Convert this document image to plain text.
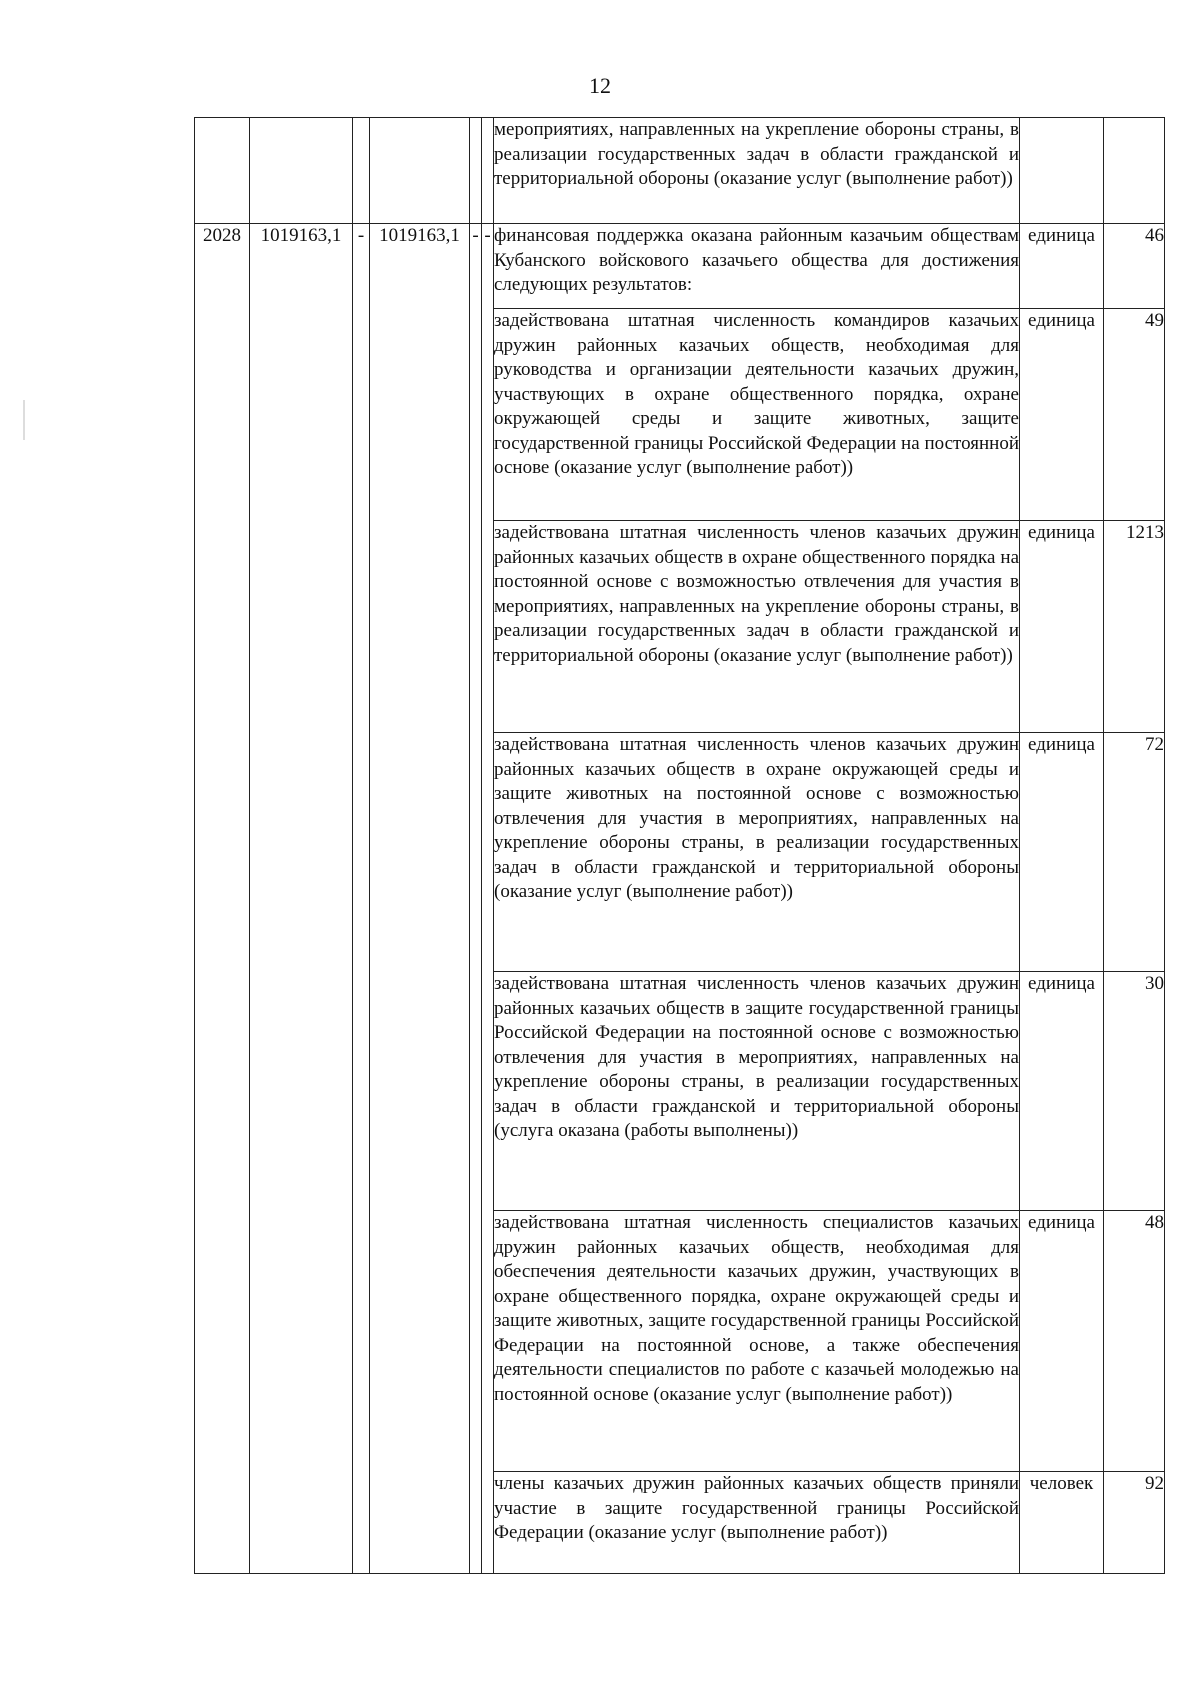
12
						мероприятиях, направленных на укрепление обороны страны, в реализации государственных задач в области гражданской и территориальной обороны (оказание услуг (выполнение работ))		
2028	1019163,1	-	1019163,1	-	-	финансовая поддержка оказана районным казачьим обществам Кубанского войскового казачьего общества для достижения следующих результатов:	единица	46
						задействована штатная численность командиров казачьих дружин районных казачьих обществ, необходимая для руководства и организации деятельности казачьих дружин, участвующих в охране общественного порядка, охране окружающей среды и защите животных, защите государственной границы Российской Федерации на постоянной основе (оказание услуг (выполнение работ))	единица	49
						задействована штатная численность членов казачьих дружин районных казачьих обществ в охране общественного порядка на постоянной основе с возможностью отвлечения для участия в мероприятиях, направленных на укрепление обороны страны, в реализации государственных задач в области гражданской и территориальной обороны (оказание услуг (выполнение работ))	единица	1213
						задействована штатная численность членов казачьих дружин районных казачьих обществ в охране окружающей среды и защите животных на постоянной основе с возможностью отвлечения для участия в мероприятиях, направленных на укрепление обороны страны, в реализации государственных задач в области гражданской и территориальной обороны (оказание услуг (выполнение работ))	единица	72
						задействована штатная численность членов казачьих дружин районных казачьих обществ в защите государственной границы Российской Федерации на постоянной основе с возможностью отвлечения для участия в мероприятиях, направленных на укрепление обороны страны, в реализации государственных задач в области гражданской и территориальной обороны (услуга оказана (работы выполнены))	единица	30
						задействована штатная численность специалистов казачьих дружин районных казачьих обществ, необходимая для обеспечения деятельности казачьих дружин, участвующих в охране общественного порядка, охране окружающей среды и защите животных, защите государственной границы Российской Федерации на постоянной основе, а также обеспечения деятельности специалистов по работе с казачьей молодежью на постоянной основе (оказание услуг (выполнение работ))	единица	48
						члены казачьих дружин районных казачьих обществ приняли участие в защите государственной границы Российской Федерации (оказание услуг (выполнение работ))	человек	92
